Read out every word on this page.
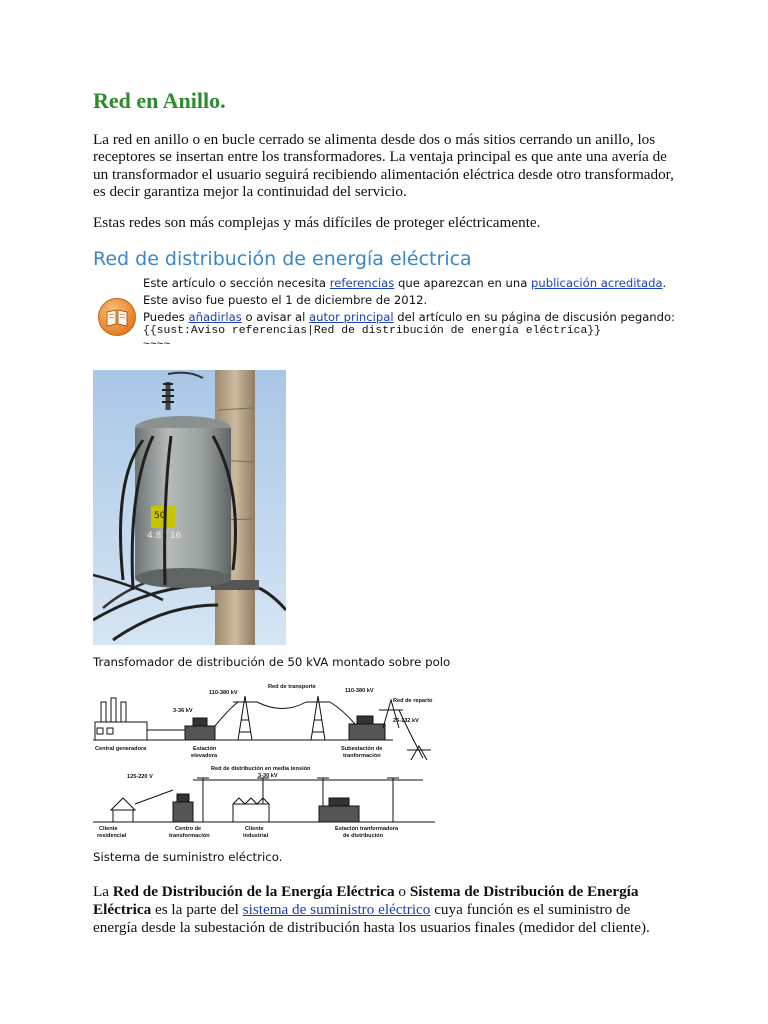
Red en Anillo.
La red en anillo o en bucle cerrado se alimenta desde dos o más sitios cerrando un anillo, los receptores se insertan entre los transformadores. La ventaja principal es que ante una avería de un transformador el usuario seguirá recibiendo alimentación eléctrica desde otro transformador, es decir garantiza mejor la continuidad del servicio.
Estas redes son más complejas y más difíciles de proteger eléctricamente.
Red de distribución de energía eléctrica
Este artículo o sección necesita referencias que aparezcan en una publicación acreditada.
Este aviso fue puesto el 1 de diciembre de 2012.
Puedes añadirlas o avisar al autor principal del artículo en su página de discusión pegando:
{{sust:Aviso referencias|Red de distribución de energía eléctrica}}
~~~~
50
4.8 / 16
Transfomador de distribución de 50 kVA montado sobre polo
Red de transporte
110-380 kV	110-380 kV
Red de reparto
3-36 kV
25-132 kV
Central generadora	Estación
elevadora
Subestación de
tranformación
Red de distribución en media tensión
3-30 kV
125-220 V
Cliente
residencial
Centro de
transformación
Cliente
industrial
Estación tranformadora
de distribución
Sistema de suministro eléctrico.
La Red de Distribución de la Energía Eléctrica o Sistema de Distribución de Energía Eléctrica es la parte del sistema de suministro eléctrico cuya función es el suministro de energía desde la subestación de distribución hasta los usuarios finales (medidor del cliente).
